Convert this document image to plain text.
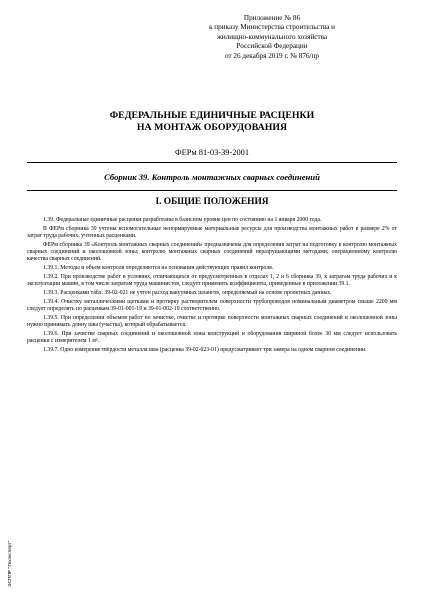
Приложение № 86
к приказу Министерства строительства и
жилищно-коммунального хозяйства
Российской Федерации
от 26 декабря 2019 г. № 876/пр
ФЕДЕРАЛЬНЫЕ ЕДИНИЧНЫЕ РАСЦЕНКИ
НА МОНТАЖ ОБОРУДОВАНИЯ
ФЕРм 81-03-39-2001
Сборник 39. Контроль монтажных сварных соединений
I. ОБЩИЕ ПОЛОЖЕНИЯ

1.39. Федеральные единичные расценки разработаны в базисном уровне цен по состоянию на 1 января 2000 года.

В ФЕРм сборника 39 учтены вспомогательные ненормируемые материальные ресурсы для производства монтажных работ в размере 2% от затрат труда рабочих, учтенных расценками.

ФЕРм сборника 39 «Контроль монтажных сварных соединений» предназначены для определения затрат на подготовку к контролю монтажных сварных соединений и околошовной зоны; контролю монтажных сварных соединений неразрушающими методами; операционному контролю качества сварных соединений.

1.39.1. Методы и объем контроля определяются на основании действующих правил контроля.

1.39.2. При производстве работ в условиях, отличающихся от предусмотренных в отделах 1, 2 и 6 сборника 39, к затратам труда рабочих и к эксплуатации машин, в том числе затратам труда машинистов, следует применять коэффициенты, приведенные в приложении 39.1.

1.39.3. Расценками табл. 39-02-021 не учтен расход вакуумных шлангов, определяемый на основе проектных данных.

1.39.4. Очистку металлическими щетками и протирку растворителем поверхности трубопроводов номинальным диаметром свыше 2200 мм следует определять по расценкам 39-01-001-19 и 39-01-002-19 соответственно.

1.39.5. При определении объемов работ по зачистке, очистке и протирке поверхности монтажных сварных соединений и околошовной зоны нужно принимать длину шва (участка), который обрабатывается.

1.39.6. При зачистке сварных соединений и околошовной зоны конструкций и оборудования шириной более 30 мм следует использовать расценки с измерителем 1 м².

1.39.7. Одно измерение твёрдости металла шва (расценка 39-02-023-01) предусматривает три замера на одном сварном соединении.

ЭСППР "Техэксперт"
